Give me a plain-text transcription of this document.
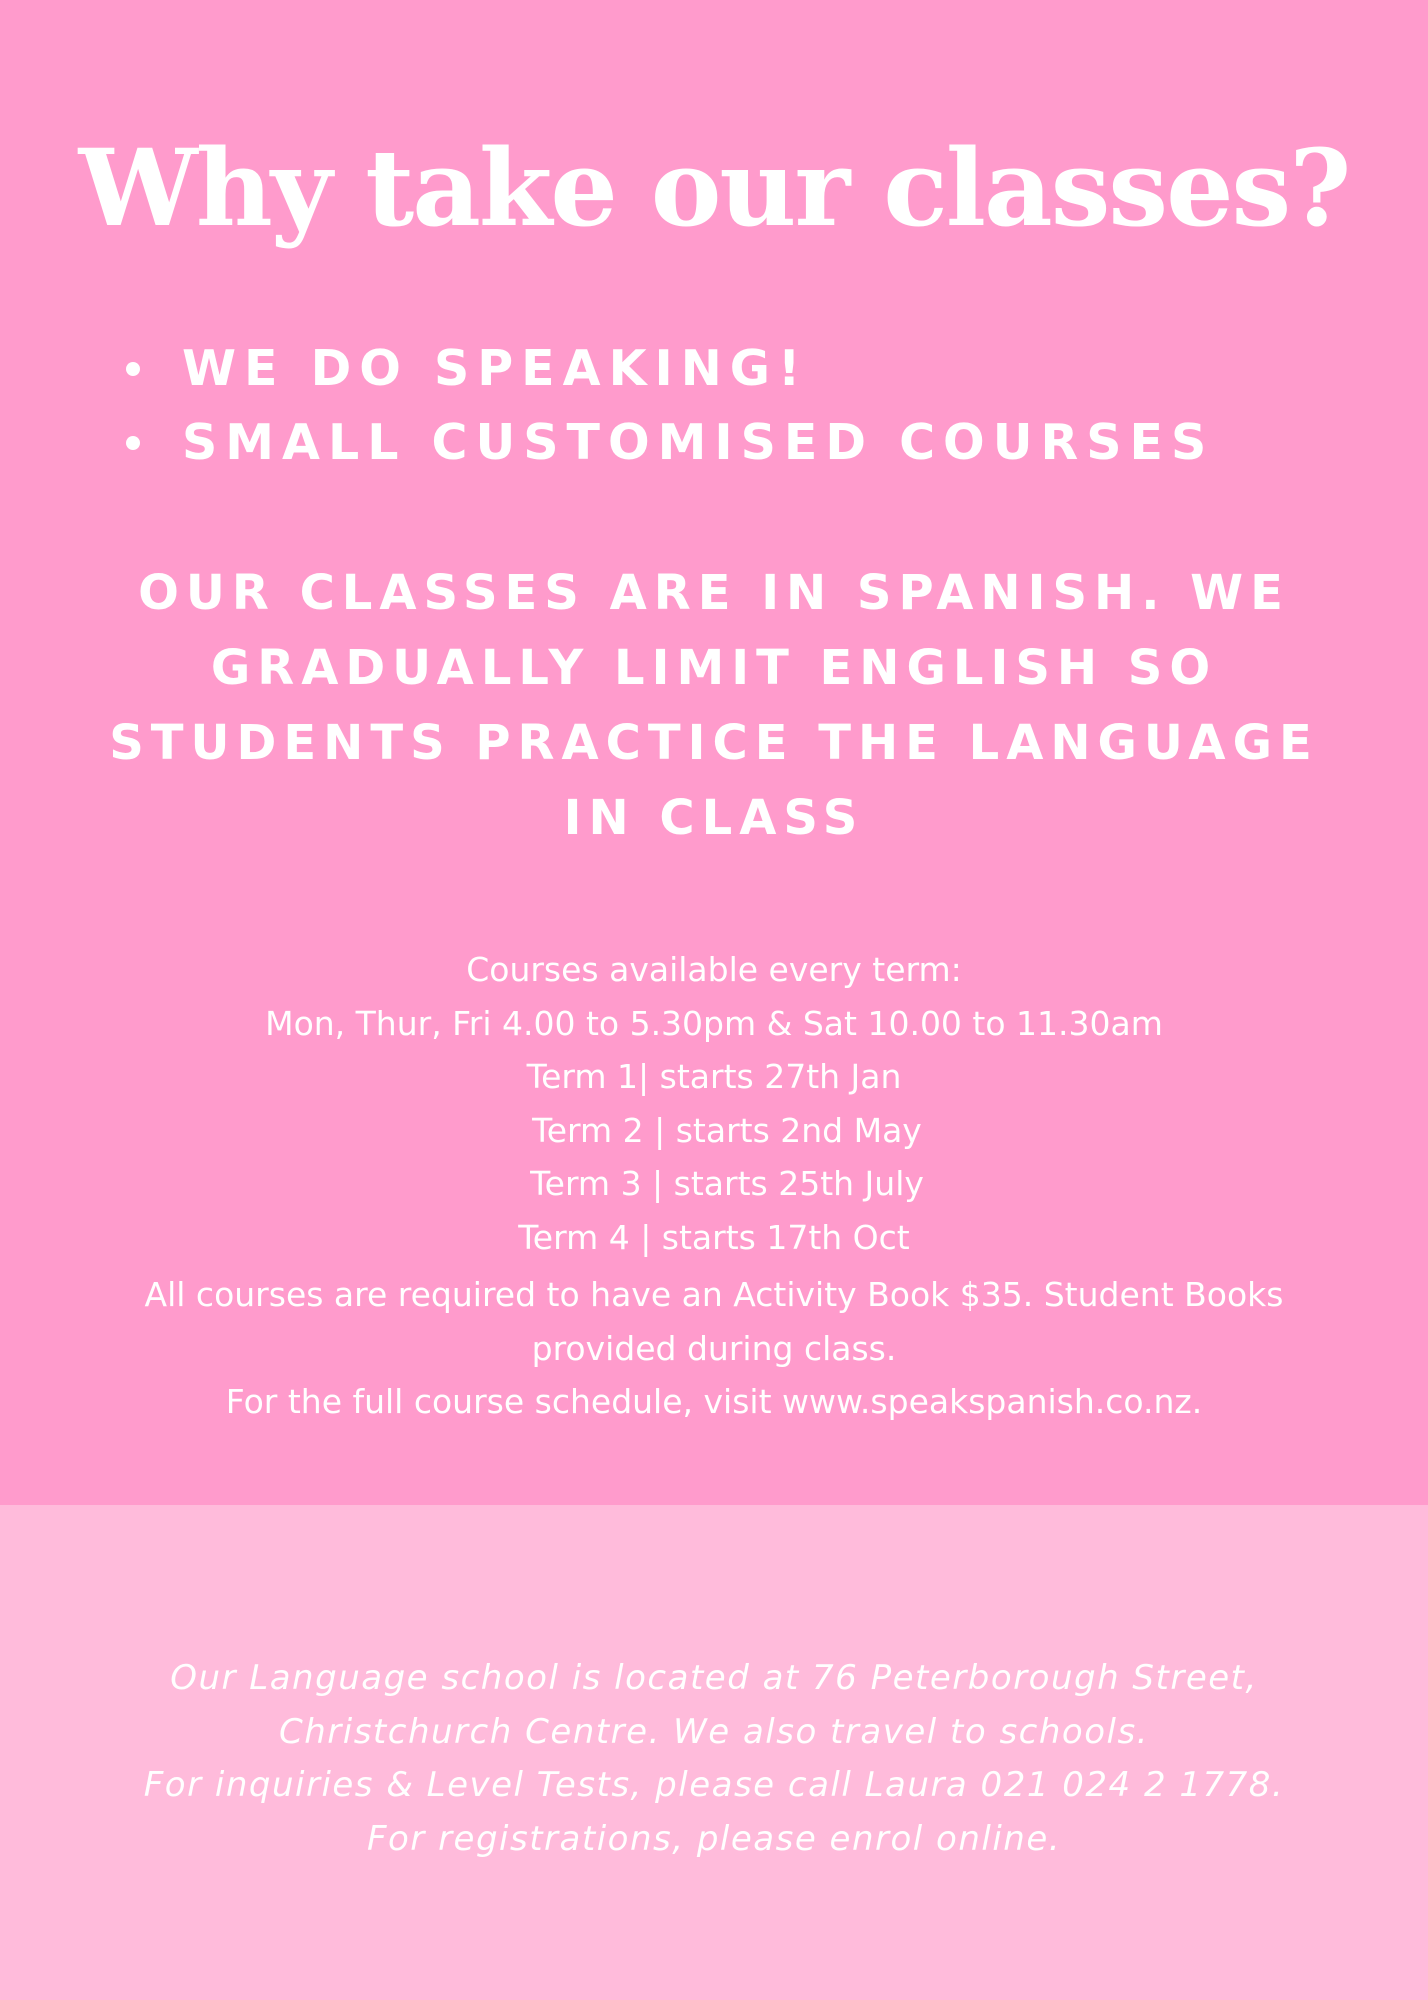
Why take our classes?
WE DO SPEAKING!
SMALL CUSTOMISED COURSES
OUR CLASSES ARE IN SPANISH. WE
GRADUALLY LIMIT ENGLISH SO
STUDENTS PRACTICE THE LANGUAGE
IN CLASS
Courses available every term:
Mon, Thur, Fri 4.00 to 5.30pm & Sat 10.00 to 11.30am
Term 1| starts 27th Jan
Term 2 | starts 2nd May
Term 3 | starts 25th July
Term 4 | starts 17th Oct
All courses are required to have an Activity Book $35. Student Books
provided during class.
For the full course schedule, visit www.speakspanish.co.nz.
Our Language school is located at 76 Peterborough Street,
Christchurch Centre. We also travel to schools.
For inquiries & Level Tests, please call Laura 021 024 2 1778.
For registrations, please enrol online.
